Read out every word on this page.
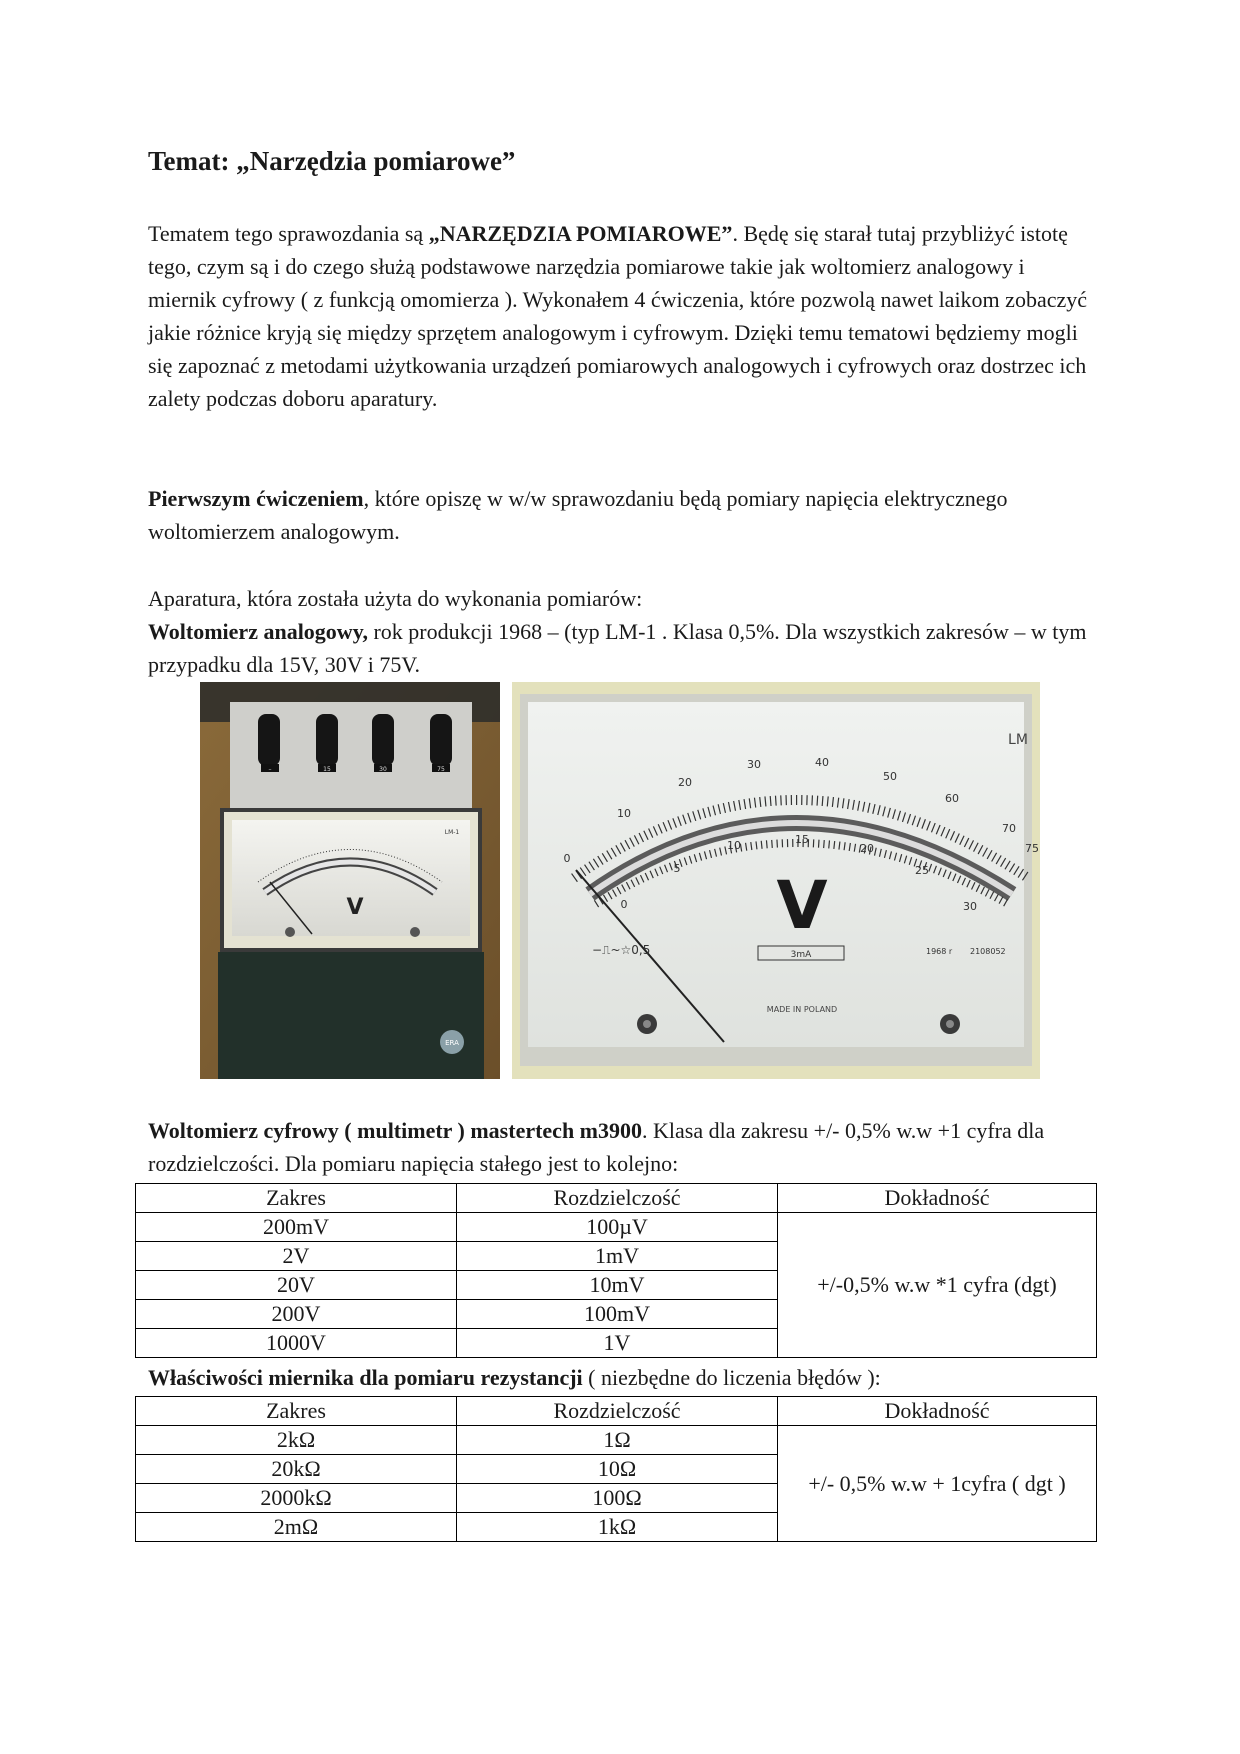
Temat: „Narzędzia pomiarowe”

Tematem tego sprawozdania są „NARZĘDZIA POMIAROWE”. Będę się starał tutaj przybliżyć istotę tego, czym są i do czego służą podstawowe narzędzia pomiarowe takie jak woltomierz analogowy i miernik cyfrowy ( z funkcją omomierza ). Wykonałem 4 ćwiczenia, które pozwolą nawet laikom zobaczyć jakie różnice kryją się między sprzętem analogowym i cyfrowym. Dzięki temu tematowi będziemy mogli się zapoznać z metodami użytkowania urządzeń pomiarowych analogowych i cyfrowych oraz dostrzec ich zalety podczas doboru aparatury.

Pierwszym ćwiczeniem, które opiszę w w/w sprawozdaniu będą pomiary napięcia elektrycznego woltomierzem analogowym.

Aparatura, która została użyta do wykonania pomiarów:
Woltomierz analogowy, rok produkcji 1968 – (typ LM-1 . Klasa 0,5%. Dla wszystkich zakresów – w tym przypadku dla 15V, 30V i 75V.

–	15	30	75
V
LM-1
ERA
0
10
20
30	40
50
60
70
75
0
5
10	15
20
25
30
V
−⎍~☆0,5	3mA	1968 r 2108052
MADE IN POLAND
LM

Woltomierz cyfrowy ( multimetr ) mastertech m3900. Klasa dla zakresu +/- 0,5% w.w +1 cyfra dla rozdzielczości. Dla pomiaru napięcia stałego jest to kolejno:

Zakres	Rozdzielczość	Dokładność
200mV	100µV	+/-0,5% w.w *1 cyfra (dgt)
2V	1mV	
20V	10mV	
200V	100mV	
1000V	1V	

Właściwości miernika dla pomiaru rezystancji ( niezbędne do liczenia błędów ):

Zakres	Rozdzielczość	Dokładność
2kΩ	1Ω	+/- 0,5% w.w + 1cyfra ( dgt )
20kΩ	10Ω	
2000kΩ	100Ω	
2mΩ	1kΩ	
